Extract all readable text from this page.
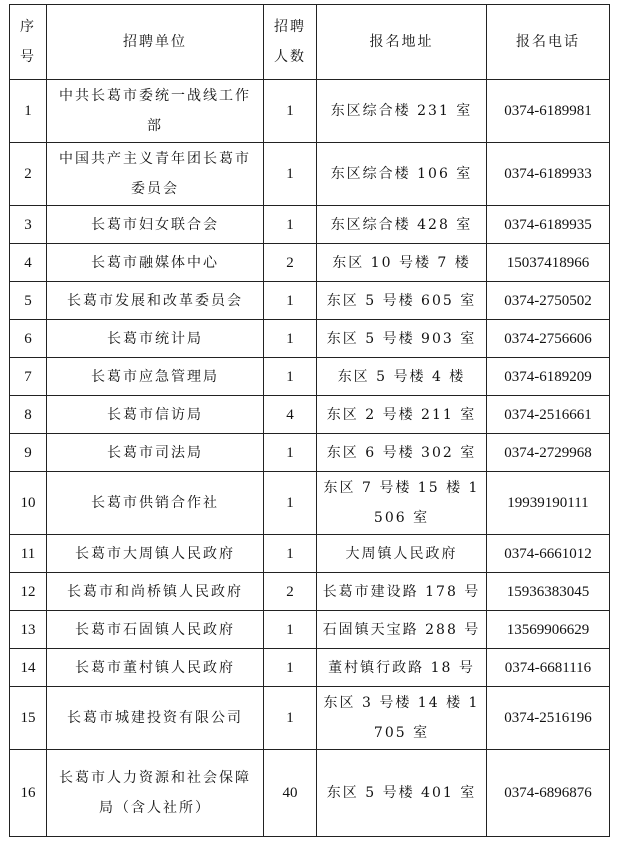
序号	招聘单位	招聘人数	报名地址	报名电话
1	中共长葛市委统一战线工作部	1	东区综合楼 231 室	0374-6189981
2	中国共产主义青年团长葛市委员会	1	东区综合楼 106 室	0374-6189933
3	长葛市妇女联合会	1	东区综合楼 428 室	0374-6189935
4	长葛市融媒体中心	2	东区 10 号楼 7 楼	15037418966
5	长葛市发展和改革委员会	1	东区 5 号楼 605 室	0374-2750502
6	长葛市统计局	1	东区 5 号楼 903 室	0374-2756606
7	长葛市应急管理局	1	东区 5 号楼 4 楼	0374-6189209
8	长葛市信访局	4	东区 2 号楼 211 室	0374-2516661
9	长葛市司法局	1	东区 6 号楼 302 室	0374-2729968
10	长葛市供销合作社	1	东区 7 号楼 15 楼 1506 室	19939190111
11	长葛市大周镇人民政府	1	大周镇人民政府	0374-6661012
12	长葛市和尚桥镇人民政府	2	长葛市建设路 178 号	15936383045
13	长葛市石固镇人民政府	1	石固镇天宝路 288 号	13569906629
14	长葛市董村镇人民政府	1	董村镇行政路 18 号	0374-6681116
15	长葛市城建投资有限公司	1	东区 3 号楼 14 楼 1705 室	0374-2516196
16	长葛市人力资源和社会保障局（含人社所）	40	东区 5 号楼 401 室	0374-6896876
